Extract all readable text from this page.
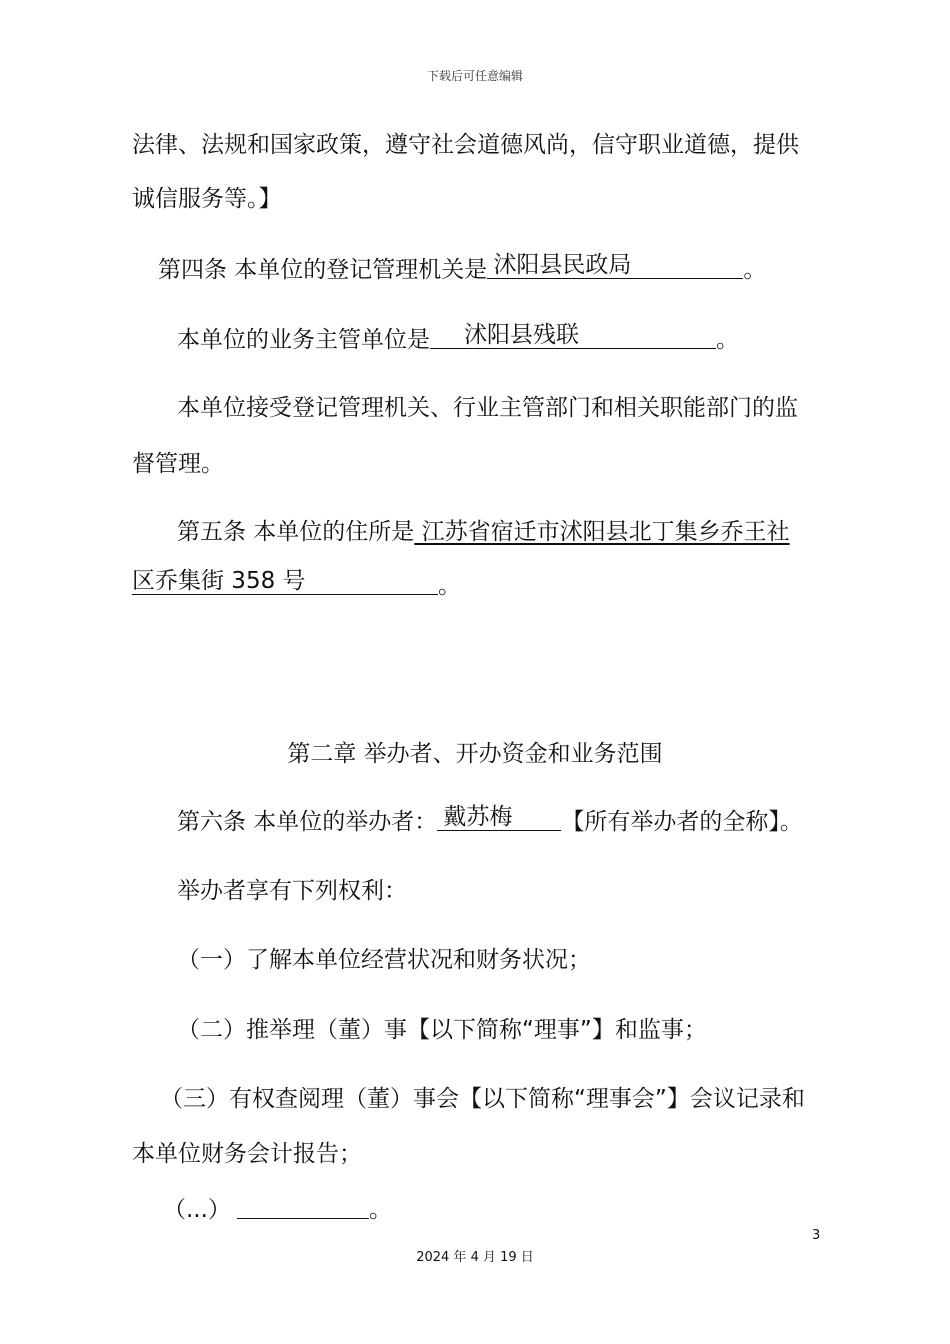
下载后可任意编辑
法律、法规和国家政策，遵守社会道德风尚，信守职业道德，提供
诚信服务等。】
第四条 本单位的登记管理机关是 沭阳县民政局	。
本单位的业务主管单位是 沭阳县残联	。
本单位接受登记管理机关、行业主管部门和相关职能部门的监
督管理。
第五条 本单位的住所是 江苏省宿迁市沭阳县北丁集乡乔王社
区乔集街 358 号	。
第二章 举办者、开办资金和业务范围
第六条 本单位的举办者： 戴苏梅 【所有举办者的全称】。
举办者享有下列权利：
（一）了解本单位经营状况和财务状况；
（二）推举理（董）事【以下简称“理事”】和监事；
（三）有权查阅理（董）事会【以下简称“理事会”】会议记录和
本单位财务会计报告；
（...）	。
3
2024 年 4 月 19 日
